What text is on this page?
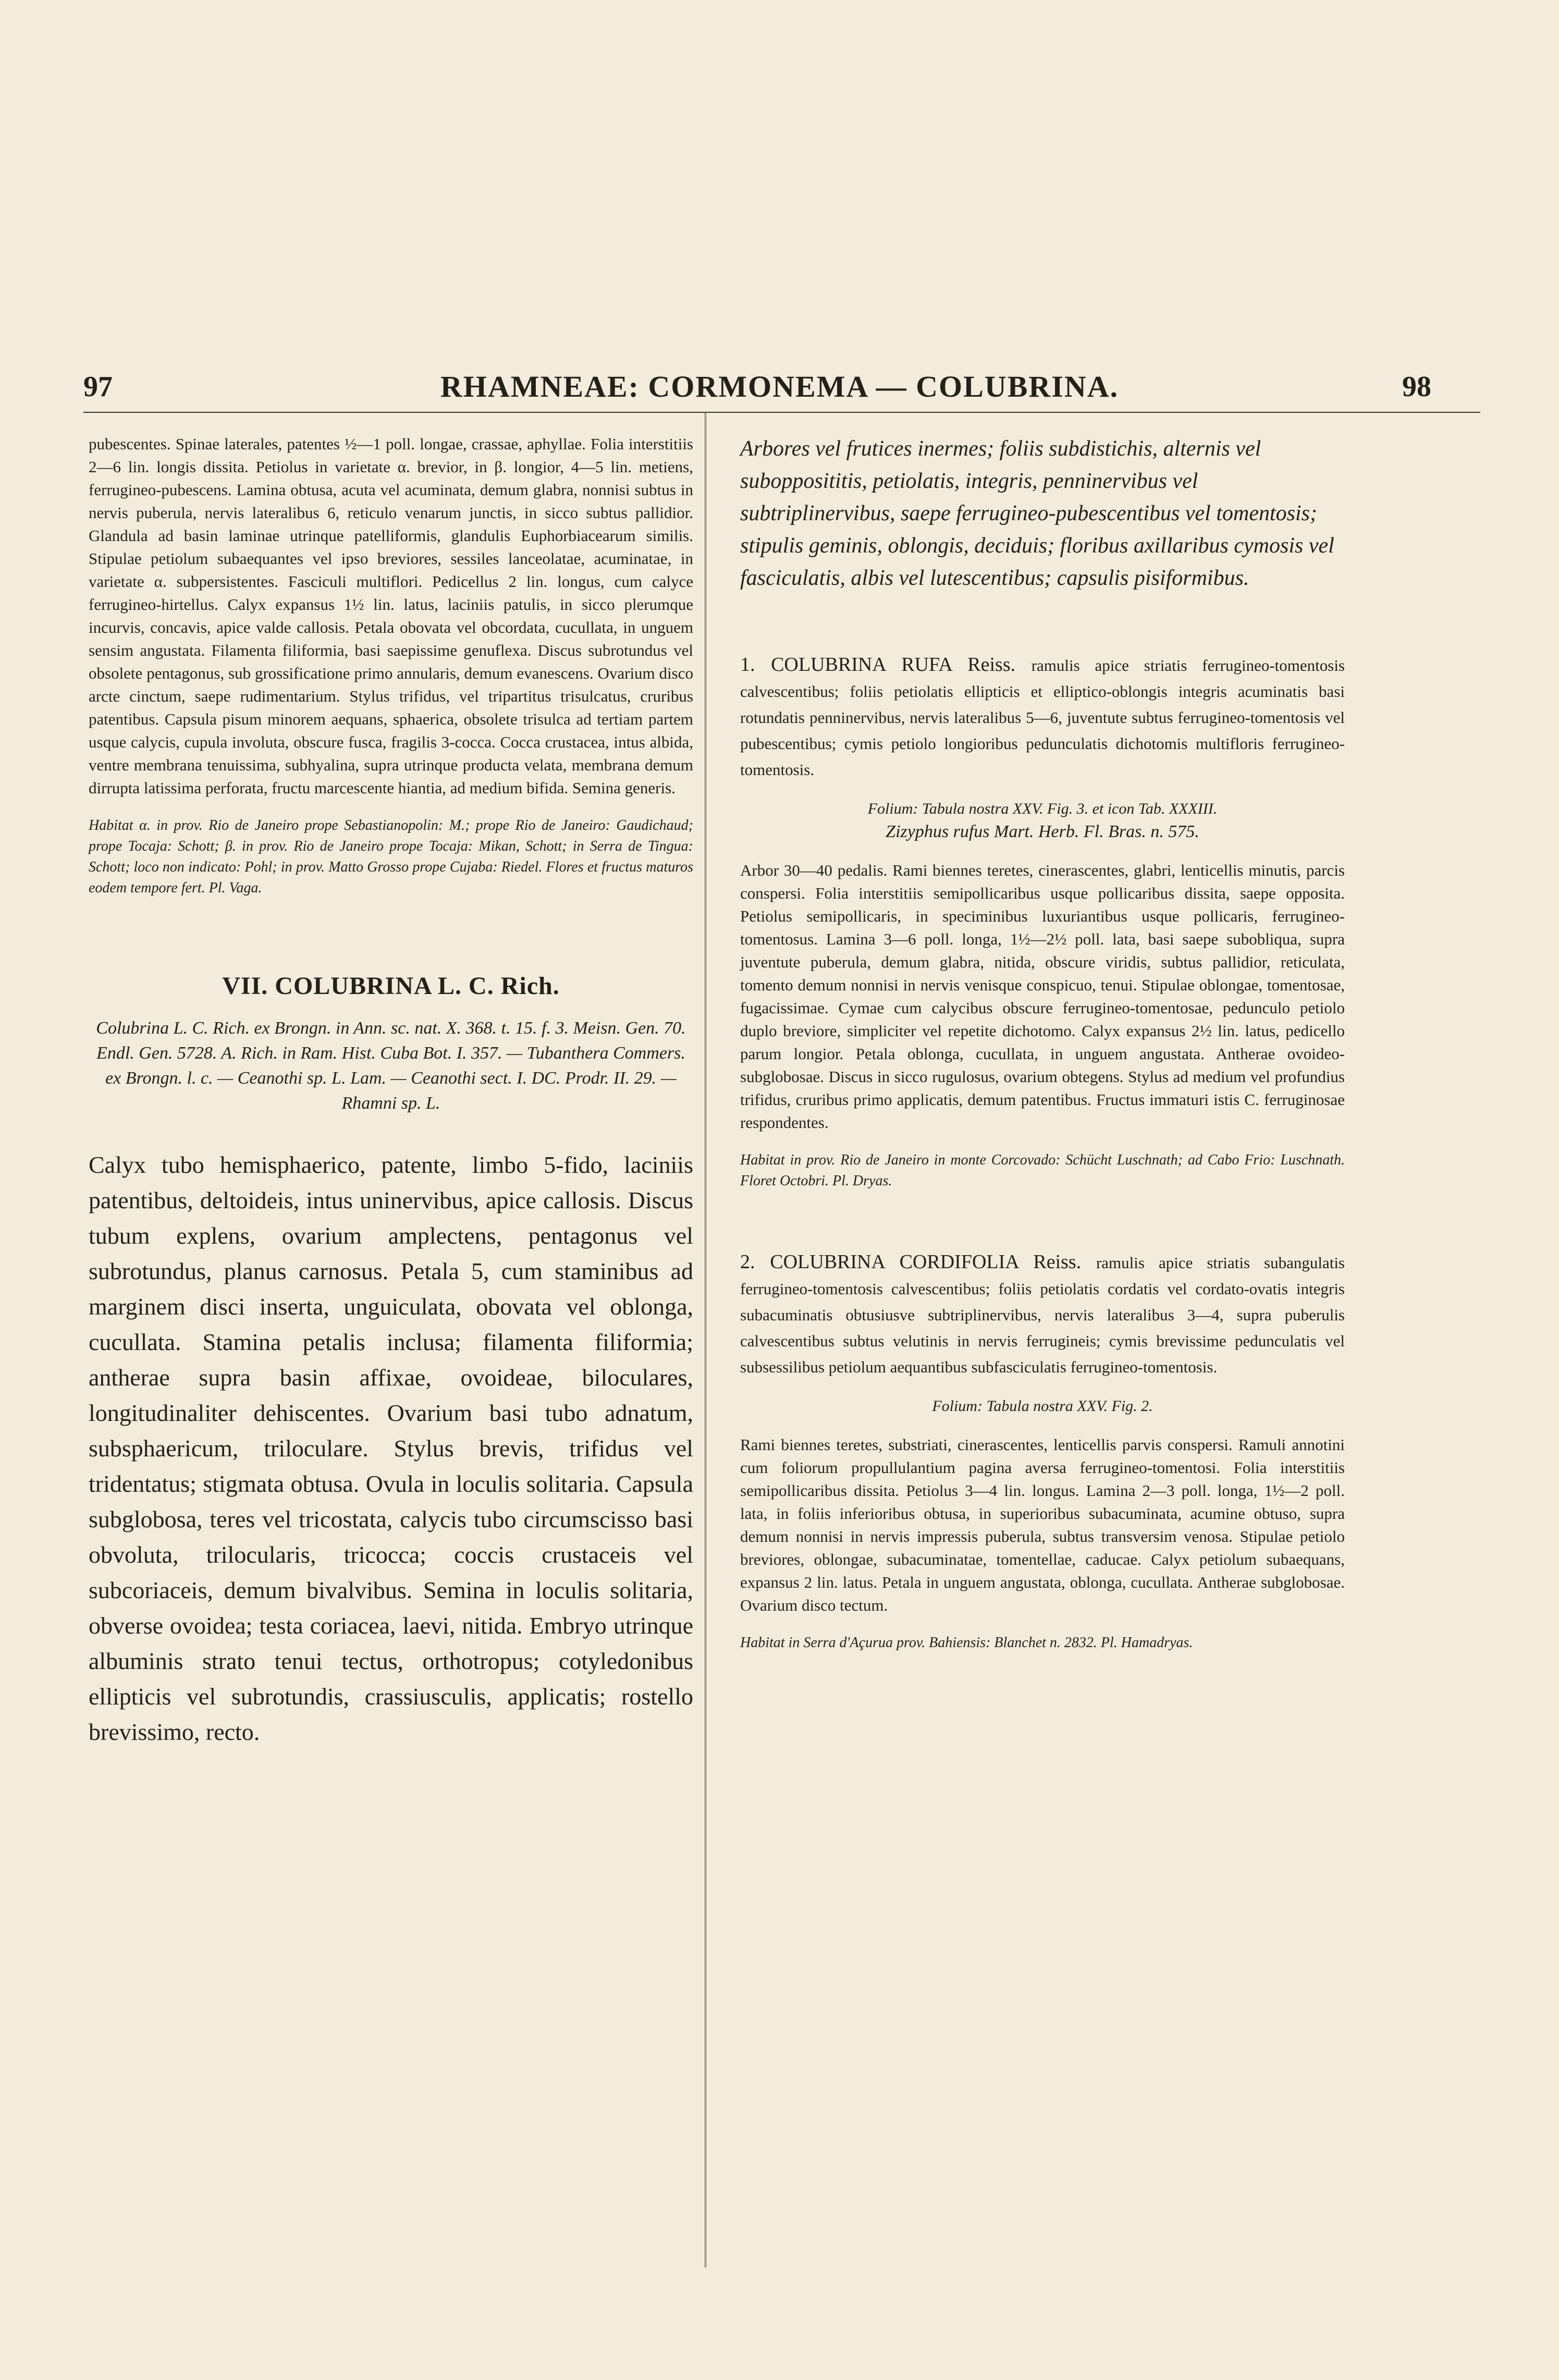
97	RHAMNEAE: CORMONEMA — COLUBRINA.	98

pubescentes. Spinae laterales, patentes ½—1 poll. longae, crassae, aphyllae. Folia interstitiis 2—6 lin. longis dissita. Petiolus in varietate α. brevior, in β. longior, 4—5 lin. metiens, ferrugineo-pubescens. Lamina obtusa, acuta vel acuminata, demum glabra, nonnisi subtus in nervis puberula, nervis lateralibus 6, reticulo venarum junctis, in sicco subtus pallidior. Glandula ad basin laminae utrinque patelliformis, glandulis Euphorbiacearum similis. Stipulae petiolum subaequantes vel ipso breviores, sessiles lanceolatae, acuminatae, in varietate α. subpersistentes. Fasciculi multiflori. Pedicellus 2 lin. longus, cum calyce ferrugineo-hirtellus. Calyx expansus 1½ lin. latus, laciniis patulis, in sicco plerumque incurvis, concavis, apice valde callosis. Petala obovata vel obcordata, cucullata, in unguem sensim angustata. Filamenta filiformia, basi saepissime genuflexa. Discus subrotundus vel obsolete pentagonus, sub grossificatione primo annularis, demum evanescens. Ovarium disco arcte cinctum, saepe rudimentarium. Stylus trifidus, vel tripartitus trisulcatus, cruribus patentibus. Capsula pisum minorem aequans, sphaerica, obsolete trisulca ad tertiam partem usque calycis, cupula involuta, obscure fusca, fragilis 3-cocca. Cocca crustacea, intus albida, ventre membrana tenuissima, subhyalina, supra utrinque producta velata, membrana demum dirrupta latissima perforata, fructu marcescente hiantia, ad medium bifida. Semina generis.

Habitat α. in prov. Rio de Janeiro prope Sebastianopolin: M.; prope Rio de Janeiro: Gaudichaud; prope Tocaja: Schott; β. in prov. Rio de Janeiro prope Tocaja: Mikan, Schott; in Serra de Tingua: Schott; loco non indicato: Pohl; in prov. Matto Grosso prope Cujaba: Riedel. Flores et fructus maturos eodem tempore fert. Pl. Vaga.

VII. COLUBRINA L. C. Rich.

Colubrina L. C. Rich. ex Brongn. in Ann. sc. nat. X. 368. t. 15. f. 3. Meisn. Gen. 70. Endl. Gen. 5728. A. Rich. in Ram. Hist. Cuba Bot. I. 357. — Tubanthera Commers. ex Brongn. l. c. — Ceanothi sp. L. Lam. — Ceanothi sect. I. DC. Prodr. II. 29. — Rhamni sp. L.

Calyx tubo hemisphaerico, patente, limbo 5-fido, laciniis patentibus, deltoideis, intus uninervibus, apice callosis. Discus tubum explens, ovarium amplectens, pentagonus vel subrotundus, planus carnosus. Petala 5, cum staminibus ad marginem disci inserta, unguiculata, obovata vel oblonga, cucullata. Stamina petalis inclusa; filamenta filiformia; antherae supra basin affixae, ovoideae, biloculares, longitudinaliter dehiscentes. Ovarium basi tubo adnatum, subsphaericum, triloculare. Stylus brevis, trifidus vel tridentatus; stigmata obtusa. Ovula in loculis solitaria. Capsula subglobosa, teres vel tricostata, calycis tubo circumscisso basi obvoluta, trilocularis, tricocca; coccis crustaceis vel subcoriaceis, demum bivalvibus. Semina in loculis solitaria, obverse ovoidea; testa coriacea, laevi, nitida. Embryo utrinque albuminis strato tenui tectus, orthotropus; cotyledonibus ellipticis vel subrotundis, crassiusculis, applicatis; rostello brevissimo, recto.

Arbores vel frutices inermes; foliis subdistichis, alternis vel subopposititis, petiolatis, integris, penninervibus vel subtriplinervibus, saepe ferrugineo-pubescentibus vel tomentosis; stipulis geminis, oblongis, deciduis; floribus axillaribus cymosis vel fasciculatis, albis vel lutescentibus; capsulis pisiformibus.

1. COLUBRINA RUFA Reiss. ramulis apice striatis ferrugineo-tomentosis calvescentibus; foliis petiolatis ellipticis et elliptico-oblongis integris acuminatis basi rotundatis penninervibus, nervis lateralibus 5—6, juventute subtus ferrugineo-tomentosis vel pubescentibus; cymis petiolo longioribus pedunculatis dichotomis multifloris ferrugineo-tomentosis.

Folium: Tabula nostra XXV. Fig. 3. et icon Tab. XXXIII.

Zizyphus rufus Mart. Herb. Fl. Bras. n. 575.

Arbor 30—40 pedalis. Rami biennes teretes, cinerascentes, glabri, lenticellis minutis, parcis conspersi. Folia interstitiis semipollicaribus usque pollicaribus dissita, saepe opposita. Petiolus semipollicaris, in speciminibus luxuriantibus usque pollicaris, ferrugineo-tomentosus. Lamina 3—6 poll. longa, 1½—2½ poll. lata, basi saepe subobliqua, supra juventute puberula, demum glabra, nitida, obscure viridis, subtus pallidior, reticulata, tomento demum nonnisi in nervis venisque conspicuo, tenui. Stipulae oblongae, tomentosae, fugacissimae. Cymae cum calycibus obscure ferrugineo-tomentosae, pedunculo petiolo duplo breviore, simpliciter vel repetite dichotomo. Calyx expansus 2½ lin. latus, pedicello parum longior. Petala oblonga, cucullata, in unguem angustata. Antherae ovoideo-subglobosae. Discus in sicco rugulosus, ovarium obtegens. Stylus ad medium vel profundius trifidus, cruribus primo applicatis, demum patentibus. Fructus immaturi istis C. ferruginosae respondentes.

Habitat in prov. Rio de Janeiro in monte Corcovado: Schücht Luschnath; ad Cabo Frio: Luschnath. Floret Octobri. Pl. Dryas.

2. COLUBRINA CORDIFOLIA Reiss. ramulis apice striatis subangulatis ferrugineo-tomentosis calvescentibus; foliis petiolatis cordatis vel cordato-ovatis integris subacuminatis obtusiusve subtriplinervibus, nervis lateralibus 3—4, supra puberulis calvescentibus subtus velutinis in nervis ferrugineis; cymis brevissime pedunculatis vel subsessilibus petiolum aequantibus subfasciculatis ferrugineo-tomentosis.

Folium: Tabula nostra XXV. Fig. 2.

Rami biennes teretes, substriati, cinerascentes, lenticellis parvis conspersi. Ramuli annotini cum foliorum propullulantium pagina aversa ferrugineo-tomentosi. Folia interstitiis semipollicaribus dissita. Petiolus 3—4 lin. longus. Lamina 2—3 poll. longa, 1½—2 poll. lata, in foliis inferioribus obtusa, in superioribus subacuminata, acumine obtuso, supra demum nonnisi in nervis impressis puberula, subtus transversim venosa. Stipulae petiolo breviores, oblongae, subacuminatae, tomentellae, caducae. Calyx petiolum subaequans, expansus 2 lin. latus. Petala in unguem angustata, oblonga, cucullata. Antherae subglobosae. Ovarium disco tectum.

Habitat in Serra d'Açurua prov. Bahiensis: Blanchet n. 2832. Pl. Hamadryas.
